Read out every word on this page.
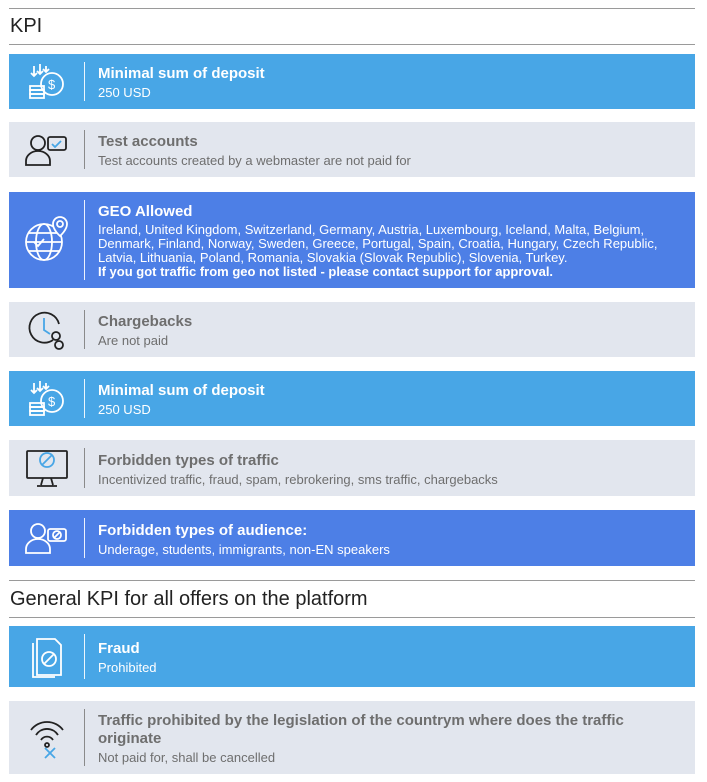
KPI
$
Minimal sum of deposit
250 USD
Test accounts
Test accounts created by a webmaster are not paid for
GEO Allowed
Ireland, United Kingdom, Switzerland, Germany, Austria, Luxembourg, Iceland, Malta, Belgium, Denmark, Finland, Norway, Sweden, Greece, Portugal, Spain, Croatia, Hungary, Czech Republic, Latvia, Lithuania, Poland, Romania, Slovakia (Slovak Republic), Slovenia, Turkey.
If you got traffic from geo not listed - please contact support for approval.
Chargebacks
Are not paid
$
Minimal sum of deposit
250 USD
Forbidden types of traffic
Incentivized traffic, fraud, spam, rebrokering, sms traffic, chargebacks
Forbidden types of audience:
Underage, students, immigrants, non-EN speakers
General KPI for all offers on the platform
Fraud
Prohibited
Traffic prohibited by the legislation of the countrym where does the traffic originate
Not paid for, shall be cancelled
